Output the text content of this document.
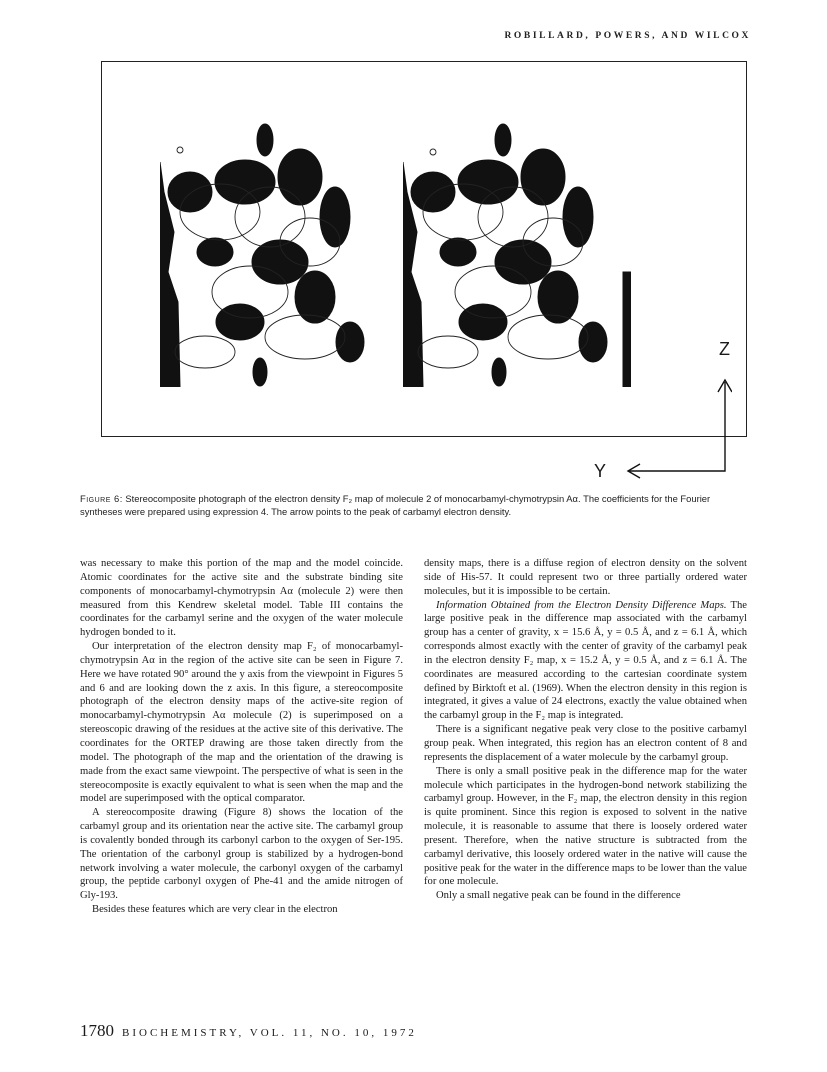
ROBILLARD, POWERS, AND WILCOX
Z
Y
Figure 6: Stereocomposite photograph of the electron density F₂ map of molecule 2 of monocarbamyl-chymotrypsin Aα. The coefficients for the Fourier syntheses were prepared using expression 4. The arrow points to the peak of carbamyl electron density.

was necessary to make this portion of the map and the model coincide. Atomic coordinates for the active site and the substrate binding site components of monocarbamyl-chymotrypsin Aα (molecule 2) were then measured from this Kendrew skeletal model. Table III contains the coordinates for the carbamyl serine and the oxygen of the water molecule hydrogen bonded to it.

Our interpretation of the electron density map F₂ of monocarbamyl-chymotrypsin Aα in the region of the active site can be seen in Figure 7. Here we have rotated 90° around the y axis from the viewpoint in Figures 5 and 6 and are looking down the z axis. In this figure, a stereocomposite photograph of the electron density maps of the active-site region of monocarbamyl-chymotrypsin Aα molecule (2) is superimposed on a stereoscopic drawing of the residues at the active site of this derivative. The coordinates for the ORTEP drawing are those taken directly from the model. The photograph of the map and the orientation of the drawing is made from the exact same viewpoint. The perspective of what is seen in the stereocomposite is exactly equivalent to what is seen when the map and the model are superimposed with the optical comparator.

A stereocomposite drawing (Figure 8) shows the location of the carbamyl group and its orientation near the active site. The carbamyl group is covalently bonded through its carbonyl carbon to the oxygen of Ser-195. The orientation of the carbonyl group is stabilized by a hydrogen-bond network involving a water molecule, the carbonyl oxygen of the carbamyl group, the peptide carbonyl oxygen of Phe-41 and the amide nitrogen of Gly-193.

Besides these features which are very clear in the electron

density maps, there is a diffuse region of electron density on the solvent side of His-57. It could represent two or three partially ordered water molecules, but it is impossible to be certain.

Information Obtained from the Electron Density Difference Maps. The large positive peak in the difference map associated with the carbamyl group has a center of gravity, x = 15.6 Å, y = 0.5 Å, and z = 6.1 Å, which corresponds almost exactly with the center of gravity of the carbamyl peak in the electron density F₂ map, x = 15.2 Å, y = 0.5 Å, and z = 6.1 Å. The coordinates are measured according to the cartesian coordinate system defined by Birktoft et al. (1969). When the electron density in this region is integrated, it gives a value of 24 electrons, exactly the value obtained when the carbamyl group in the F₂ map is integrated.

There is a significant negative peak very close to the positive carbamyl group peak. When integrated, this region has an electron content of 8 and represents the displacement of a water molecule by the carbamyl group.

There is only a small positive peak in the difference map for the water molecule which participates in the hydrogen-bond network stabilizing the carbamyl group. However, in the F₂ map, the electron density in this region is quite prominent. Since this region is exposed to solvent in the native molecule, it is reasonable to assume that there is loosely ordered water present. Therefore, when the native structure is subtracted from the carbamyl derivative, this loosely ordered water in the native will cause the positive peak for the water in the difference maps to be lower than the value for one molecule.

Only a small negative peak can be found in the difference

1780 BIOCHEMISTRY, VOL. 11, NO. 10, 1972
